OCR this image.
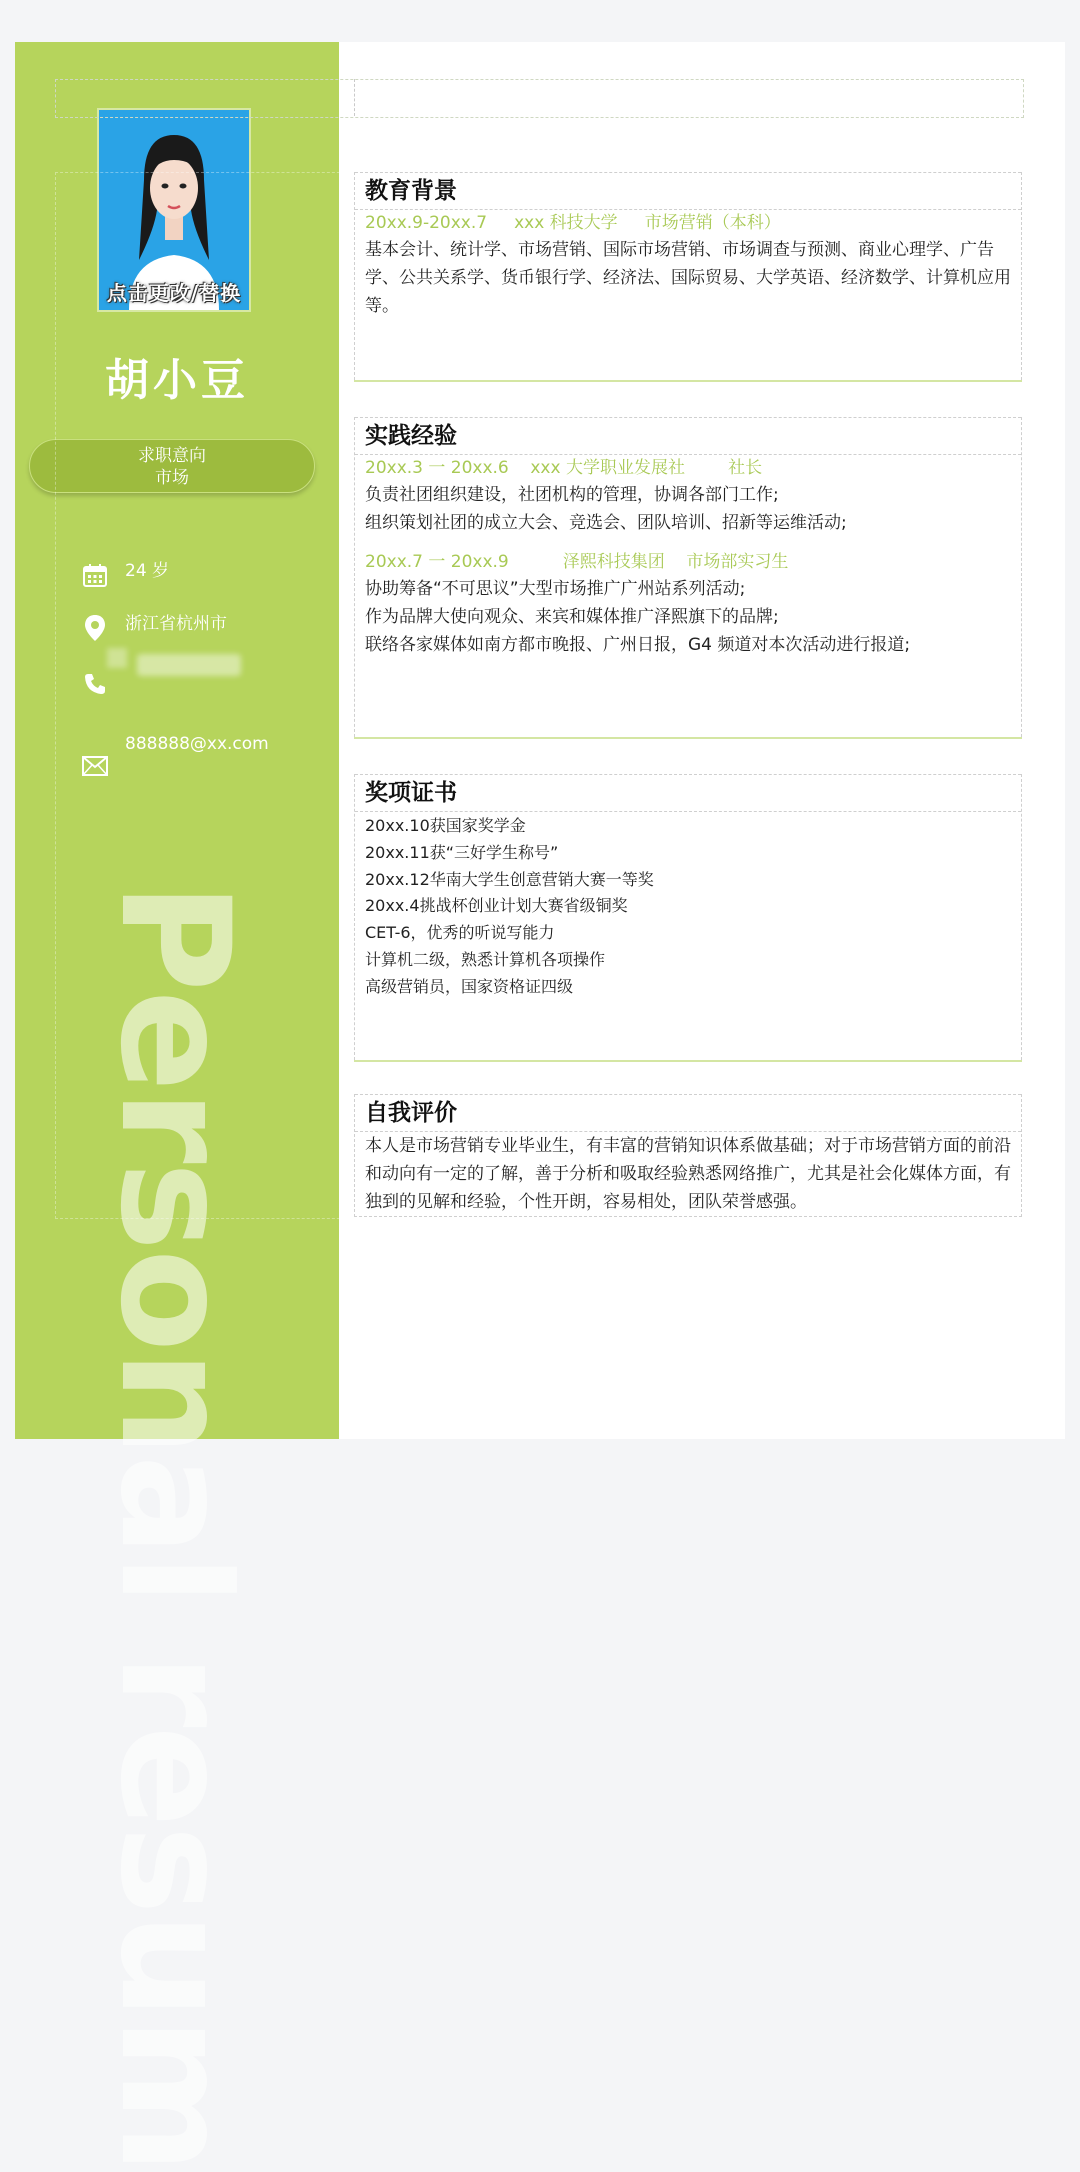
Personal resum
点击更改/替换
胡小豆
求职意向
市场
24 岁
浙江省杭州市
888888@xx.com
教育背景
20xx.9-20xx.7     xxx 科技大学     市场营销（本科）
基本会计、统计学、市场营销、国际市场营销、市场调查与预测、商业心理学、广告学、公共关系学、货币银行学、经济法、国际贸易、大学英语、经济数学、计算机应用等。
实践经验
20xx.3 一 20xx.6    xxx 大学职业发展社        社长
负责社团组织建设，社团机构的管理，协调各部门工作;
组织策划社团的成立大会、竞选会、团队培训、招新等运维活动;
20xx.7 一 20xx.9          泽熙科技集团    市场部实习生
协助筹备“不可思议”大型市场推广广州站系列活动;
作为品牌大使向观众、来宾和媒体推广泽熙旗下的品牌;
联络各家媒体如南方都市晚报、广州日报，G4 频道对本次活动进行报道;
奖项证书
20xx.10获国家奖学金
20xx.11获“三好学生称号”
20xx.12华南大学生创意营销大赛一等奖
20xx.4挑战杯创业计划大赛省级铜奖
CET-6，优秀的听说写能力
计算机二级，熟悉计算机各项操作
高级营销员，国家资格证四级
自我评价
本人是市场营销专业毕业生，有丰富的营销知识体系做基础；对于市场营销方面的前沿和动向有一定的了解，善于分析和吸取经验熟悉网络推广，尤其是社会化媒体方面，有独到的见解和经验，个性开朗，容易相处，团队荣誉感强。
